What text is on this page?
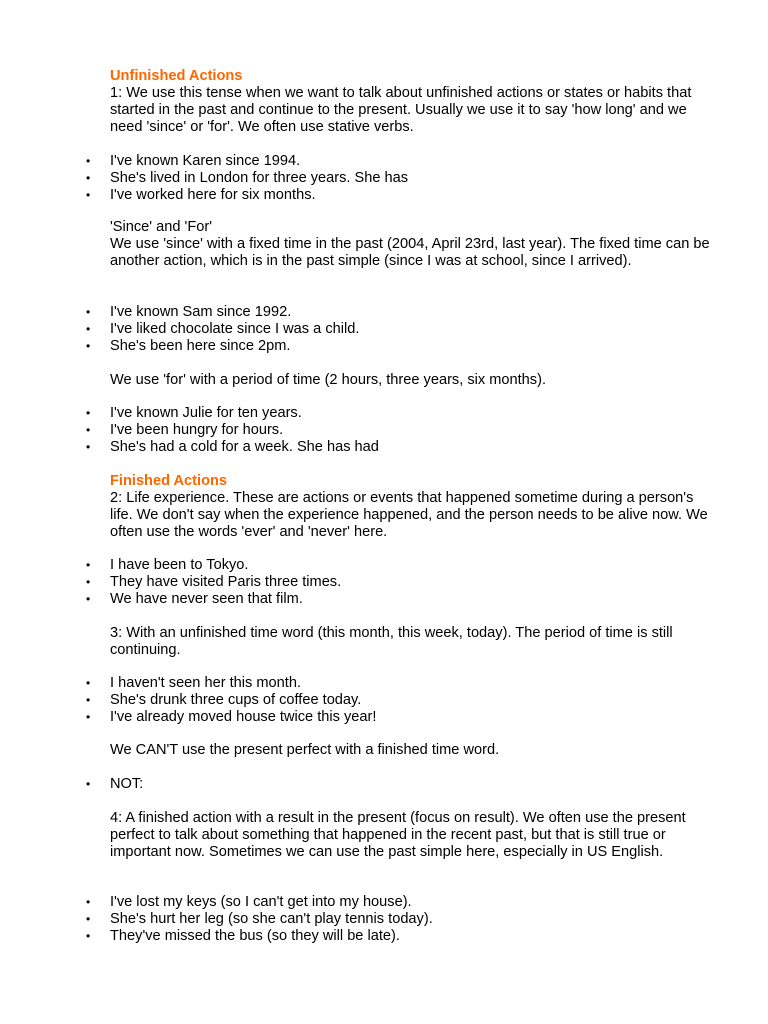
Unfinished Actions
1: We use this tense when we want to talk about unfinished actions or states or habits that started in the past and continue to the present. Usually we use it to say 'how long' and we need 'since' or 'for'. We often use stative verbs.
• I've known Karen since 1994.
• She's lived in London for three years. She has
• I've worked here for six months.
'Since' and 'For'
We use 'since' with a fixed time in the past (2004, April 23rd, last year). The fixed time can be another action, which is in the past simple (since I was at school, since I arrived).
• I've known Sam since 1992.
• I've liked chocolate since I was a child.
• She's been here since 2pm.
We use 'for' with a period of time (2 hours, three years, six months).
• I've known Julie for ten years.
• I've been hungry for hours.
• She's had a cold for a week. She has had
Finished Actions
2: Life experience. These are actions or events that happened sometime during a person's life. We don't say when the experience happened, and the person needs to be alive now. We often use the words 'ever' and 'never' here.
• I have been to Tokyo.
• They have visited Paris three times.
• We have never seen that film.
3: With an unfinished time word (this month, this week, today). The period of time is still continuing.
• I haven't seen her this month.
• She's drunk three cups of coffee today.
• I've already moved house twice this year!
We CAN'T use the present perfect with a finished time word.
• NOT:
4: A finished action with a result in the present (focus on result). We often use the present perfect to talk about something that happened in the recent past, but that is still true or important now. Sometimes we can use the past simple here, especially in US English.
• I've lost my keys (so I can't get into my house).
• She's hurt her leg (so she can't play tennis today).
• They've missed the bus (so they will be late).
